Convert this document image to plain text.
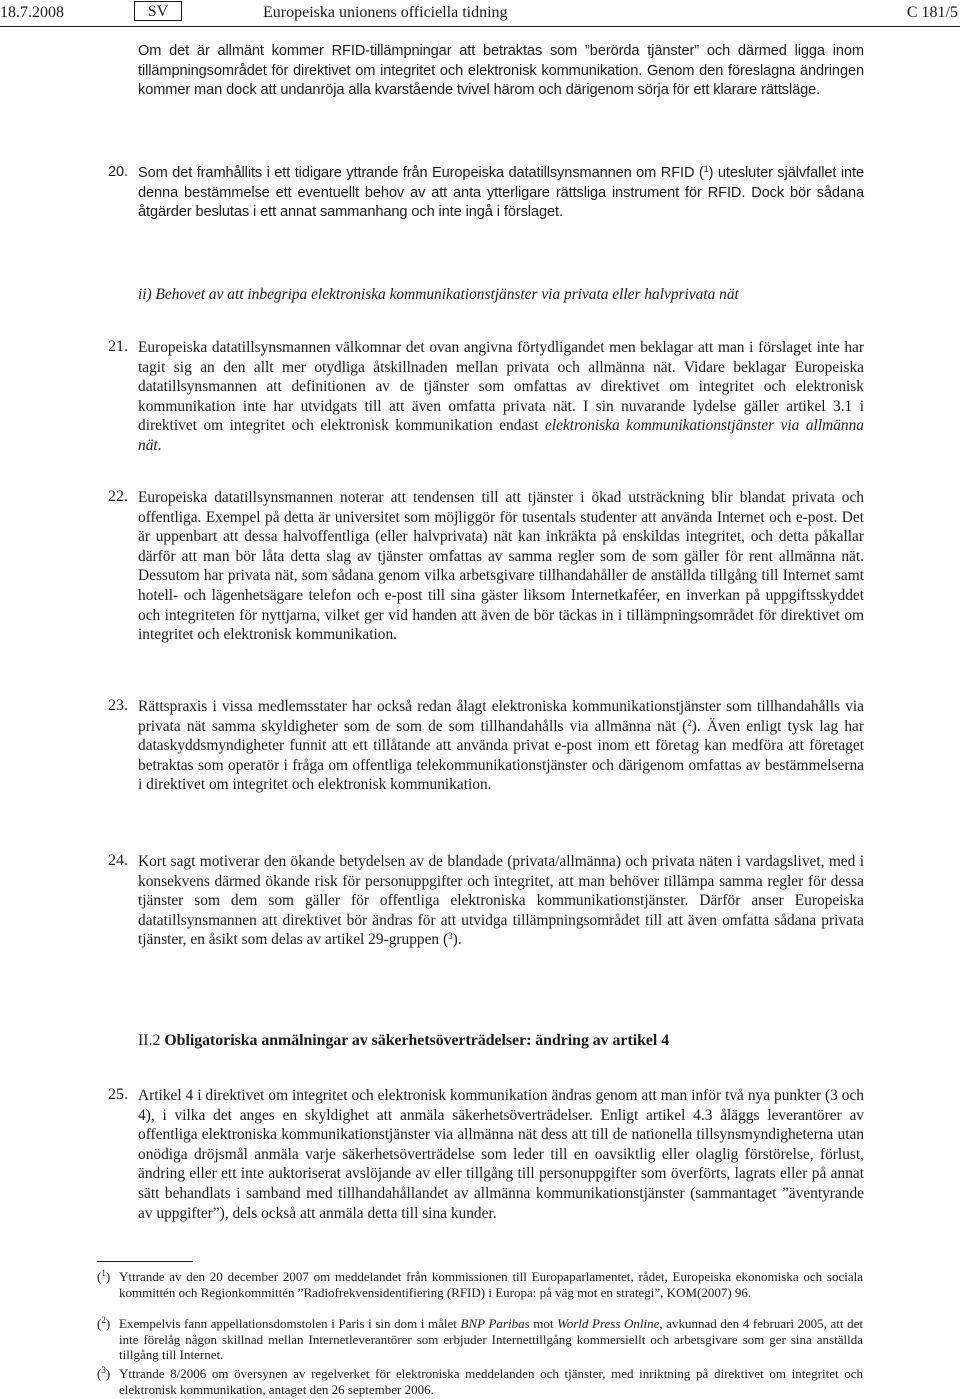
18.7.2008	SV	Europeiska unionens officiella tidning	C 181/5
Om det är allmänt kommer RFID-tillämpningar att betraktas som ”berörda tjänster” och därmed ligga inom tillämpningsområdet för direktivet om integritet och elektronisk kommunikation. Genom den föreslagna ändringen kommer man dock att undanröja alla kvarstående tvivel härom och därigenom sörja för ett klarare rättsläge.
20. Som det framhållits i ett tidigare yttrande från Europeiska datatillsynsmannen om RFID ($^1$) utesluter självfallet inte denna bestämmelse ett eventuellt behov av att anta ytterligare rättsliga instrument för RFID. Dock bör sådana åtgärder beslutas i ett annat sammanhang och inte ingå i förslaget.
ii) Behovet av att inbegripa elektroniska kommunikationstjänster via privata eller halvprivata nät
21. Europeiska datatillsynsmannen välkomnar det ovan angivna förtydligandet men beklagar att man i förslaget inte har tagit sig an den allt mer otydliga åtskillnaden mellan privata och allmänna nät. Vidare beklagar Europeiska datatillsynsmannen att definitionen av de tjänster som omfattas av direktivet om integritet och elektronisk kommunikation inte har utvidgats till att även omfatta privata nät. I sin nuvarande lydelse gäller artikel 3.1 i direktivet om integritet och elektronisk kommunikation endast elektroniska kommunikationstjänster via allmänna nät.
22. Europeiska datatillsynsmannen noterar att tendensen till att tjänster i ökad utsträckning blir blandat privata och offentliga. Exempel på detta är universitet som möjliggör för tusentals studenter att använda Internet och e-post. Det är uppenbart att dessa halvoffentliga (eller halvprivata) nät kan inkräkta på enskildas integritet, och detta påkallar därför att man bör låta detta slag av tjänster omfattas av samma regler som de som gäller för rent allmänna nät. Dessutom har privata nät, som sådana genom vilka arbetsgivare tillhandahåller de anställda tillgång till Internet samt hotell- och lägenhetsägare telefon och e-post till sina gäster liksom Internetkaféer, en inverkan på uppgiftsskyddet och integriteten för nyttjarna, vilket ger vid handen att även de bör täckas in i tillämpningsområdet för direktivet om integritet och elektronisk kommunikation.
23. Rättspraxis i vissa medlemsstater har också redan ålagt elektroniska kommunikationstjänster som tillhandahålls via privata nät samma skyldigheter som de som de som tillhandahålls via allmänna nät ($^2$). Även enligt tysk lag har dataskyddsmyndigheter funnit att ett tillåtande att använda privat e-post inom ett företag kan medföra att företaget betraktas som operatör i fråga om offentliga telekommunikationstjänster och därigenom omfattas av bestämmelserna i direktivet om integritet och elektronisk kommunikation.
24. Kort sagt motiverar den ökande betydelsen av de blandade (privata/allmänna) och privata näten i vardagslivet, med i konsekvens därmed ökande risk för personuppgifter och integritet, att man behöver tillämpa samma regler för dessa tjänster som dem som gäller för offentliga elektroniska kommunikationstjänster. Därför anser Europeiska datatillsynsmannen att direktivet bör ändras för att utvidga tillämpningsområdet till att även omfatta sådana privata tjänster, en åsikt som delas av artikel 29-gruppen ($^3$).
II.2 Obligatoriska anmälningar av säkerhetsöverträdelser: ändring av artikel 4
25. Artikel 4 i direktivet om integritet och elektronisk kommunikation ändras genom att man inför två nya punkter (3 och 4), i vilka det anges en skyldighet att anmäla säkerhetsöverträdelser. Enligt artikel 4.3 åläggs leverantörer av offentliga elektroniska kommunikationstjänster via allmänna nät dess att till de nationella tillsynsmyndigheterna utan onödiga dröjsmål anmäla varje säkerhetsöverträdelse som leder till en oavsiktlig eller olaglig förstörelse, förlust, ändring eller ett inte auktoriserat avslöjande av eller tillgång till personuppgifter som överförts, lagrats eller på annat sätt behandlats i samband med tillhandahållandet av allmänna kommunikationstjänster (sammantaget ”äventyrande av uppgifter”), dels också att anmäla detta till sina kunder.
($^1$) Yttrande av den 20 december 2007 om meddelandet från kommissionen till Europaparlamentet, rådet, Europeiska ekonomiska och sociala kommittén och Regionkommittén ”Radiofrekvensidentifiering (RFID) i Europa: på väg mot en strategi”, KOM(2007) 96.
($^2$) Exempelvis fann appellationsdomstolen i Paris i sin dom i målet BNP Paribas mot World Press Online, avkunnad den 4 februari 2005, att det inte förelåg någon skillnad mellan Internetleverantörer som erbjuder Internettillgång kommersiellt och arbetsgivare som ger sina anställda tillgång till Internet.
($^3$) Yttrande 8/2006 om översynen av regelverket för elektroniska meddelanden och tjänster, med inriktning på direktivet om integritet och elektronisk kommunikation, antaget den 26 september 2006.
